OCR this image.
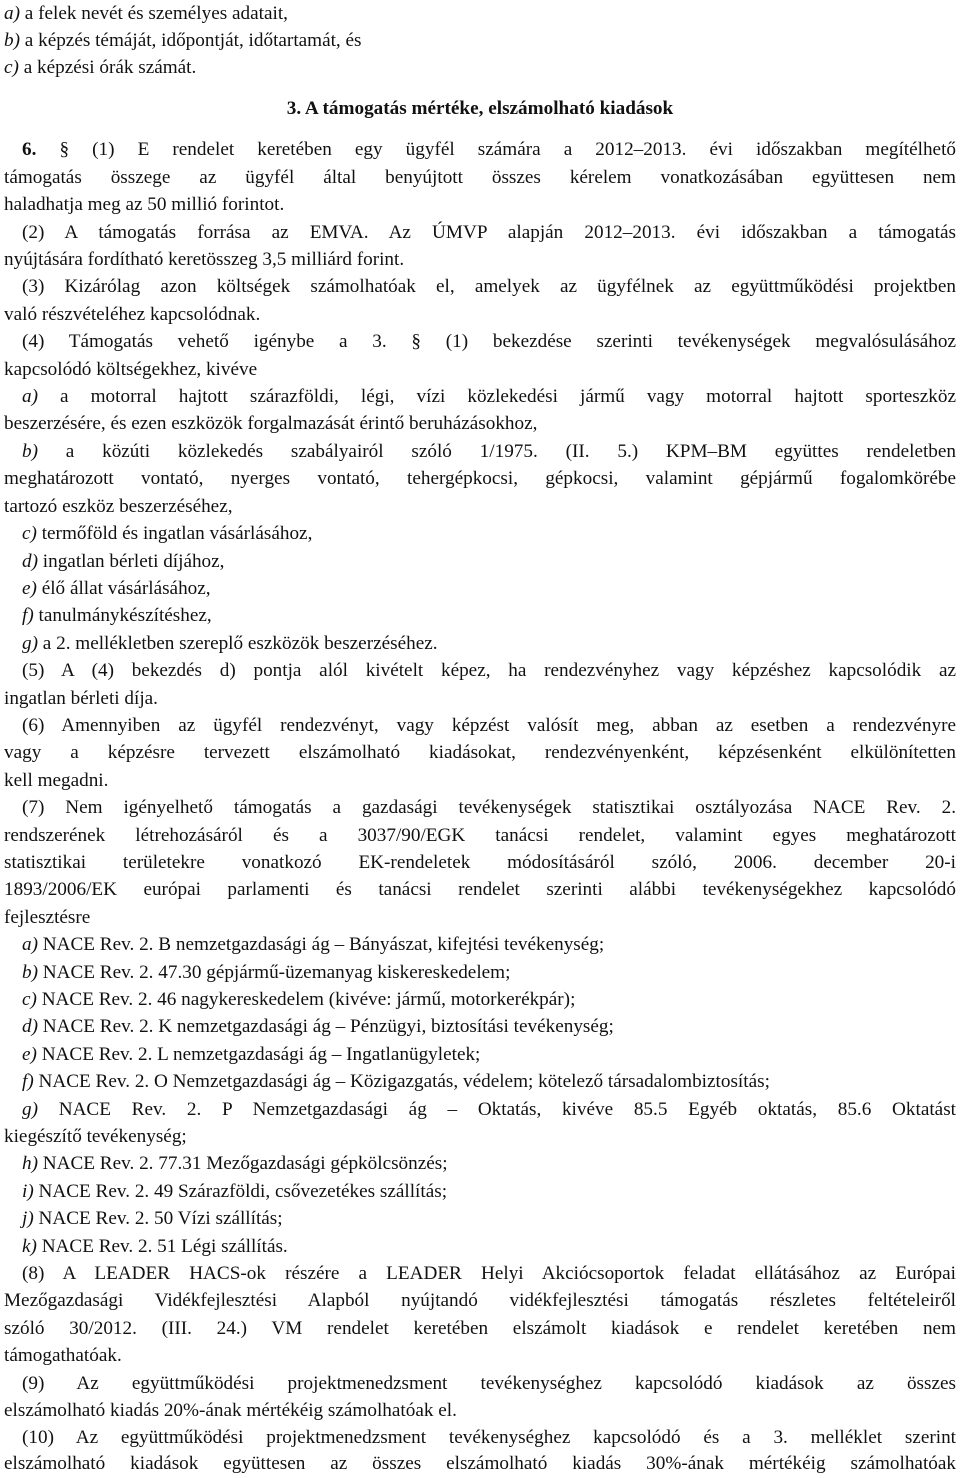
a) a felek nevét és személyes adatait,
b) a képzés témáját, időpontját, időtartamát, és
c) a képzési órák számát.
3. A támogatás mértéke, elszámolható kiadások
6. § (1) E rendelet keretében egy ügyfél számára a 2012–2013. évi időszakban megítélhető
támogatás összege az ügyfél által benyújtott összes kérelem vonatkozásában együttesen nem
haladhatja meg az 50 millió forintot.
(2) A támogatás forrása az EMVA. Az ÚMVP alapján 2012–2013. évi időszakban a támogatás
nyújtására fordítható keretösszeg 3,5 milliárd forint.
(3) Kizárólag azon költségek számolhatóak el, amelyek az ügyfélnek az együttműködési projektben
való részvételéhez kapcsolódnak.
(4) Támogatás vehető igénybe a 3. § (1) bekezdése szerinti tevékenységek megvalósulásához
kapcsolódó költségekhez, kivéve
a) a motorral hajtott szárazföldi, légi, vízi közlekedési jármű vagy motorral hajtott sporteszköz
beszerzésére, és ezen eszközök forgalmazását érintő beruházásokhoz,
b) a közúti közlekedés szabályairól szóló 1/1975. (II. 5.) KPM–BM együttes rendeletben
meghatározott vontató, nyerges vontató, tehergépkocsi, gépkocsi, valamint gépjármű fogalomkörébe
tartozó eszköz beszerzéséhez,
c) termőföld és ingatlan vásárlásához,
d) ingatlan bérleti díjához,
e) élő állat vásárlásához,
f) tanulmánykészítéshez,
g) a 2. mellékletben szereplő eszközök beszerzéséhez.
(5) A (4) bekezdés d) pontja alól kivételt képez, ha rendezvényhez vagy képzéshez kapcsolódik az
ingatlan bérleti díja.
(6) Amennyiben az ügyfél rendezvényt, vagy képzést valósít meg, abban az esetben a rendezvényre
vagy a képzésre tervezett elszámolható kiadásokat, rendezvényenként, képzésenként elkülönítetten
kell megadni.
(7) Nem igényelhető támogatás a gazdasági tevékenységek statisztikai osztályozása NACE Rev. 2.
rendszerének létrehozásáról és a 3037/90/EGK tanácsi rendelet, valamint egyes meghatározott
statisztikai területekre vonatkozó EK-rendeletek módosításáról szóló, 2006. december 20-i
1893/2006/EK európai parlamenti és tanácsi rendelet szerinti alábbi tevékenységekhez kapcsolódó
fejlesztésre
a) NACE Rev. 2. B nemzetgazdasági ág – Bányászat, kifejtési tevékenység;
b) NACE Rev. 2. 47.30 gépjármű-üzemanyag kiskereskedelem;
c) NACE Rev. 2. 46 nagykereskedelem (kivéve: jármű, motorkerékpár);
d) NACE Rev. 2. K nemzetgazdasági ág – Pénzügyi, biztosítási tevékenység;
e) NACE Rev. 2. L nemzetgazdasági ág – Ingatlanügyletek;
f) NACE Rev. 2. O Nemzetgazdasági ág – Közigazgatás, védelem; kötelező társadalombiztosítás;
g) NACE Rev. 2. P Nemzetgazdasági ág – Oktatás, kivéve 85.5 Egyéb oktatás, 85.6 Oktatást
kiegészítő tevékenység;
h) NACE Rev. 2. 77.31 Mezőgazdasági gépkölcsönzés;
i) NACE Rev. 2. 49 Szárazföldi, csővezetékes szállítás;
j) NACE Rev. 2. 50 Vízi szállítás;
k) NACE Rev. 2. 51 Légi szállítás.
(8) A LEADER HACS-ok részére a LEADER Helyi Akciócsoportok feladat ellátásához az Európai
Mezőgazdasági Vidékfejlesztési Alapból nyújtandó vidékfejlesztési támogatás részletes feltételeiről
szóló 30/2012. (III. 24.) VM rendelet keretében elszámolt kiadások e rendelet keretében nem
támogathatóak.
(9) Az együttműködési projektmenedzsment tevékenységhez kapcsolódó kiadások az összes
elszámolható kiadás 20%-ának mértékéig számolhatóak el.
(10) Az együttműködési projektmenedzsment tevékenységhez kapcsolódó és a 3. melléklet szerint
elszámolható kiadások együttesen az összes elszámolható kiadás 30%-ának mértékéig számolhatóak
